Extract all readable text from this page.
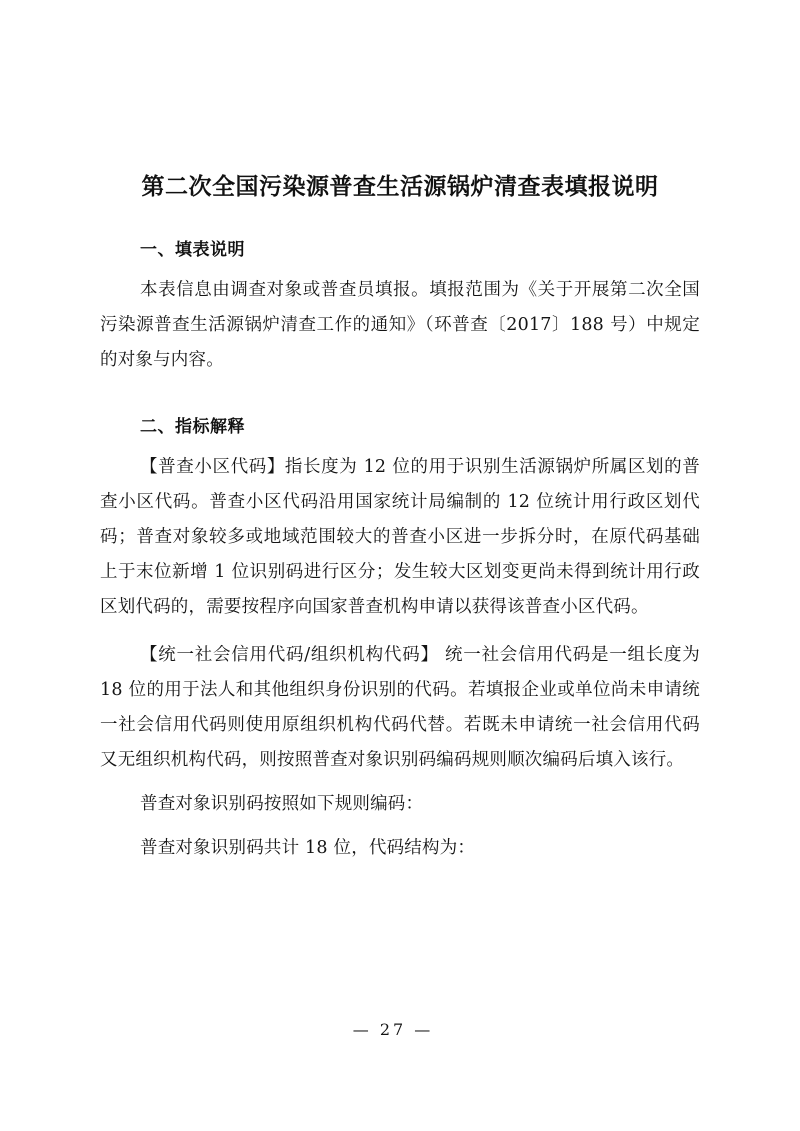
第二次全国污染源普查生活源锅炉清查表填报说明
一、填表说明

本表信息由调查对象或普查员填报。填报范围为《关于开展第二次全国污染源普查生活源锅炉清查工作的通知》（环普查〔2017〕188 号）中规定的对象与内容。

二、指标解释

【普查小区代码】指长度为 12 位的用于识别生活源锅炉所属区划的普查小区代码。普查小区代码沿用国家统计局编制的 12 位统计用行政区划代码；普查对象较多或地域范围较大的普查小区进一步拆分时，在原代码基础上于末位新增 1 位识别码进行区分；发生较大区划变更尚未得到统计用行政区划代码的，需要按程序向国家普查机构申请以获得该普查小区代码。

【统一社会信用代码/组织机构代码】 统一社会信用代码是一组长度为 18 位的用于法人和其他组织身份识别的代码。若填报企业或单位尚未申请统一社会信用代码则使用原组织机构代码代替。若既未申请统一社会信用代码又无组织机构代码，则按照普查对象识别码编码规则顺次编码后填入该行。

普查对象识别码按照如下规则编码：

普查对象识别码共计 18 位，代码结构为：

— 27 —
